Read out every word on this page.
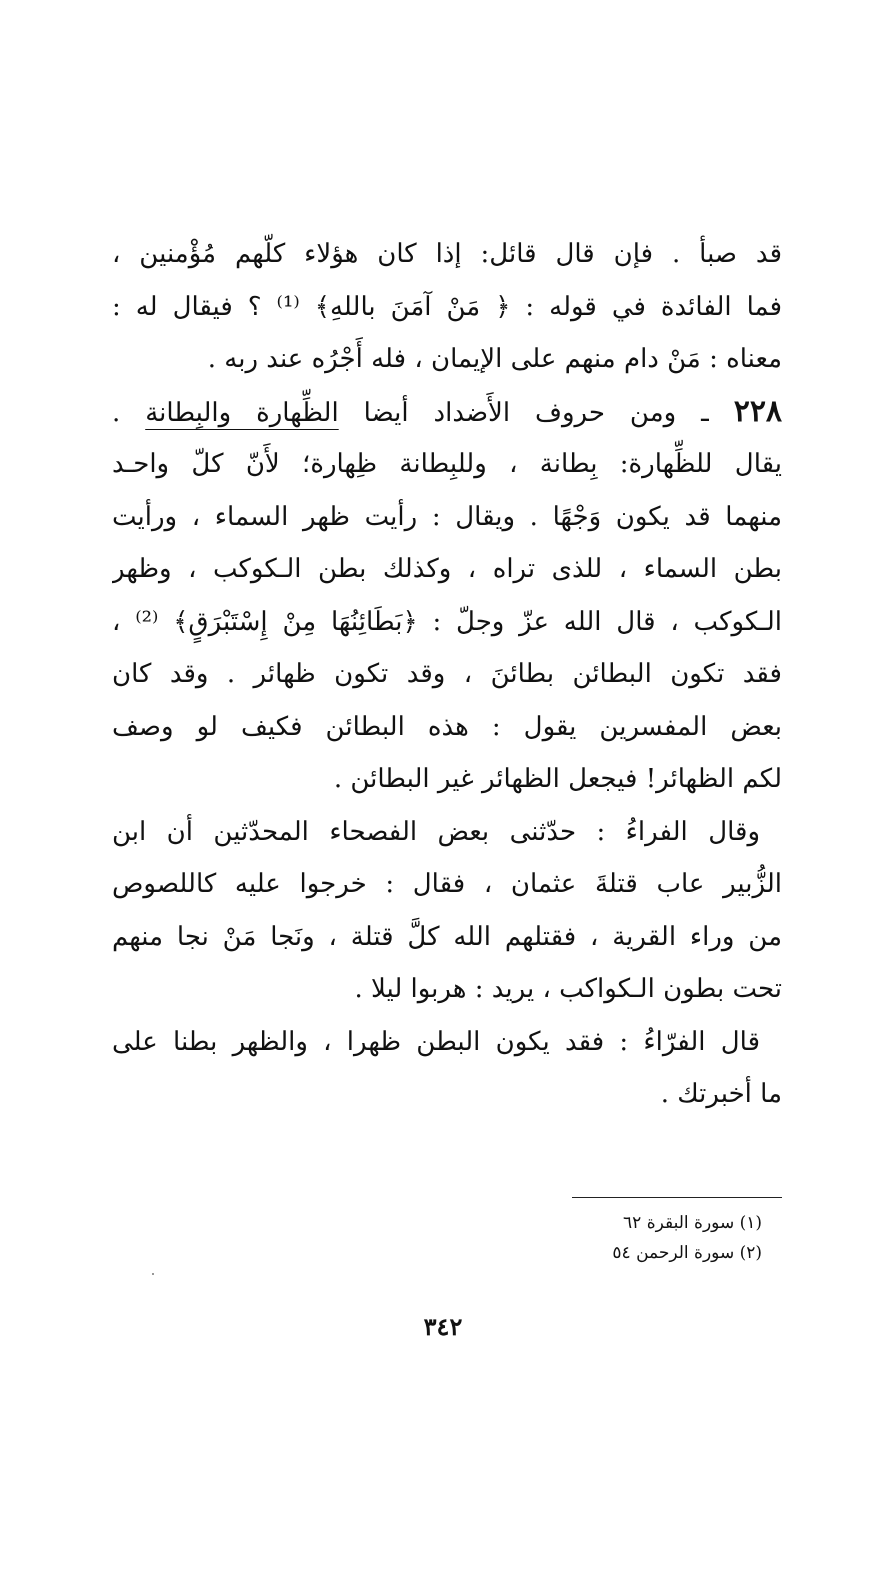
قد صبأ . فإن قال قائل: إذا كان هؤلاء كلّهم مُؤْمنين ،
فما الفائدة في قوله : ﴿ مَنْ آمَنَ باللهِ﴾ ⁽¹⁾ ؟ فيقال له :
معناه : مَنْ دام منهم على الإيمان ، فله أَجْرُه عند ربه .
٢٢٨ ـ ومن حروف الأَضداد أيضا الظِّهارة والبِطانة .
يقال للظِّهارة: بِطانة ، وللبِطانة ظِهارة؛ لأَنّ كلّ واحـد
منهما قد يكون وَجْهًا . ويقال : رأيت ظهر السماء ، ورأيت
بطن السماء ، للذى تراه ، وكذلك بطن الـكوكب ، وظهر
الـكوكب ، قال الله عزّ وجلّ : ﴿بَطَائِنُهَا مِنْ إِسْتَبْرَقٍ﴾ ⁽²⁾ ،
فقد تكون البطائن بطائنَ ، وقد تكون ظهائر . وقد كان
بعض المفسرين يقول : هذه البطائن فكيف لو وصف
لكم الظهائر! فيجعل الظهائر غير البطائن .
وقال الفراءُ : حدّثنى بعض الفصحاء المحدّثين أن ابن
الزُّبير عاب قتلةَ عثمان ، فقال : خرجوا عليه كاللصوص
من وراء القرية ، فقتلهم الله كلَّ قتلة ، ونَجا مَنْ نجا منهم
تحت بطون الـكواكب ، يريد : هربوا ليلا .
قال الفرّاءُ : فقد يكون البطن ظهرا ، والظهر بطنا على
ما أخبرتك .
(١) سورة البقرة ٦٢
(٢) سورة الرحمن ٥٤
٣٤٢
